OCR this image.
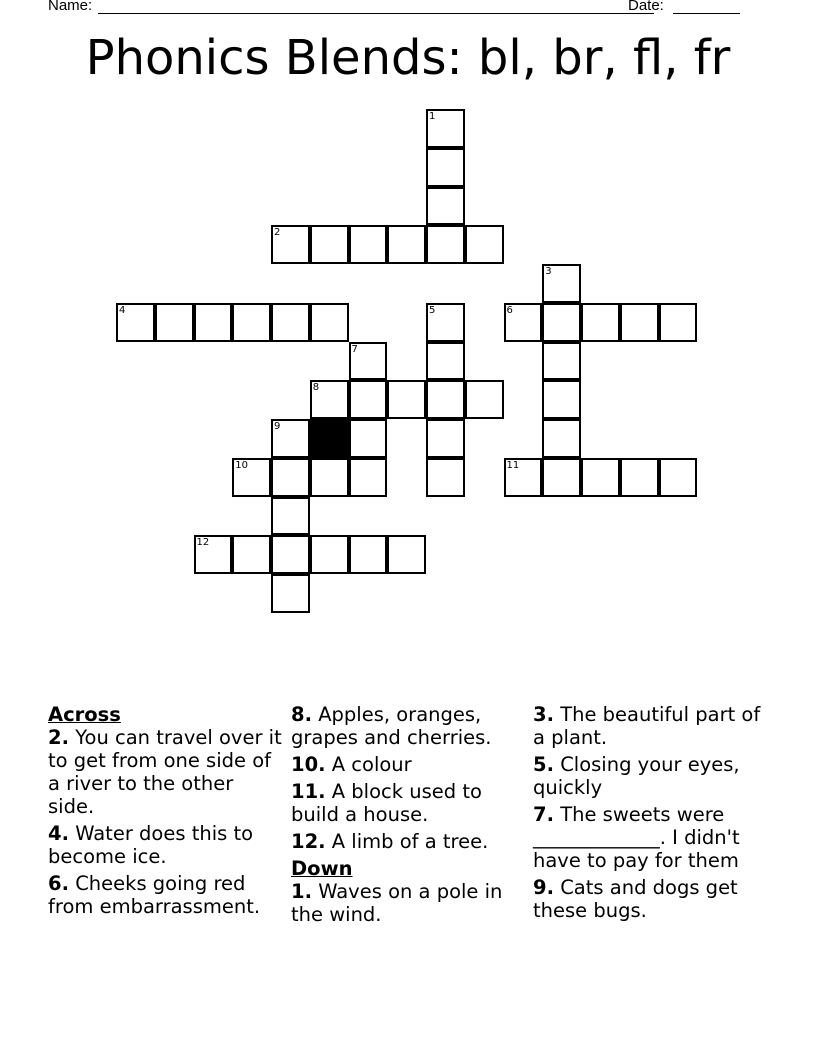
Name:	Date:
Phonics Blends: bl, br, fl, fr
1
2
3
4	5	6
7
8
9
10	11
12
Across
2. You can travel over it to get from one side of a river to the other side.
4. Water does this to become ice.
6. Cheeks going red from embarrassment.
8. Apples, oranges, grapes and cherries.
10. A colour
11. A block used to build a house.
12. A limb of a tree.
Down
1. Waves on a pole in the wind.
3. The beautiful part of a plant.
5. Closing your eyes, quickly
7. The sweets were _____________. I didn't have to pay for them
9. Cats and dogs get these bugs.
